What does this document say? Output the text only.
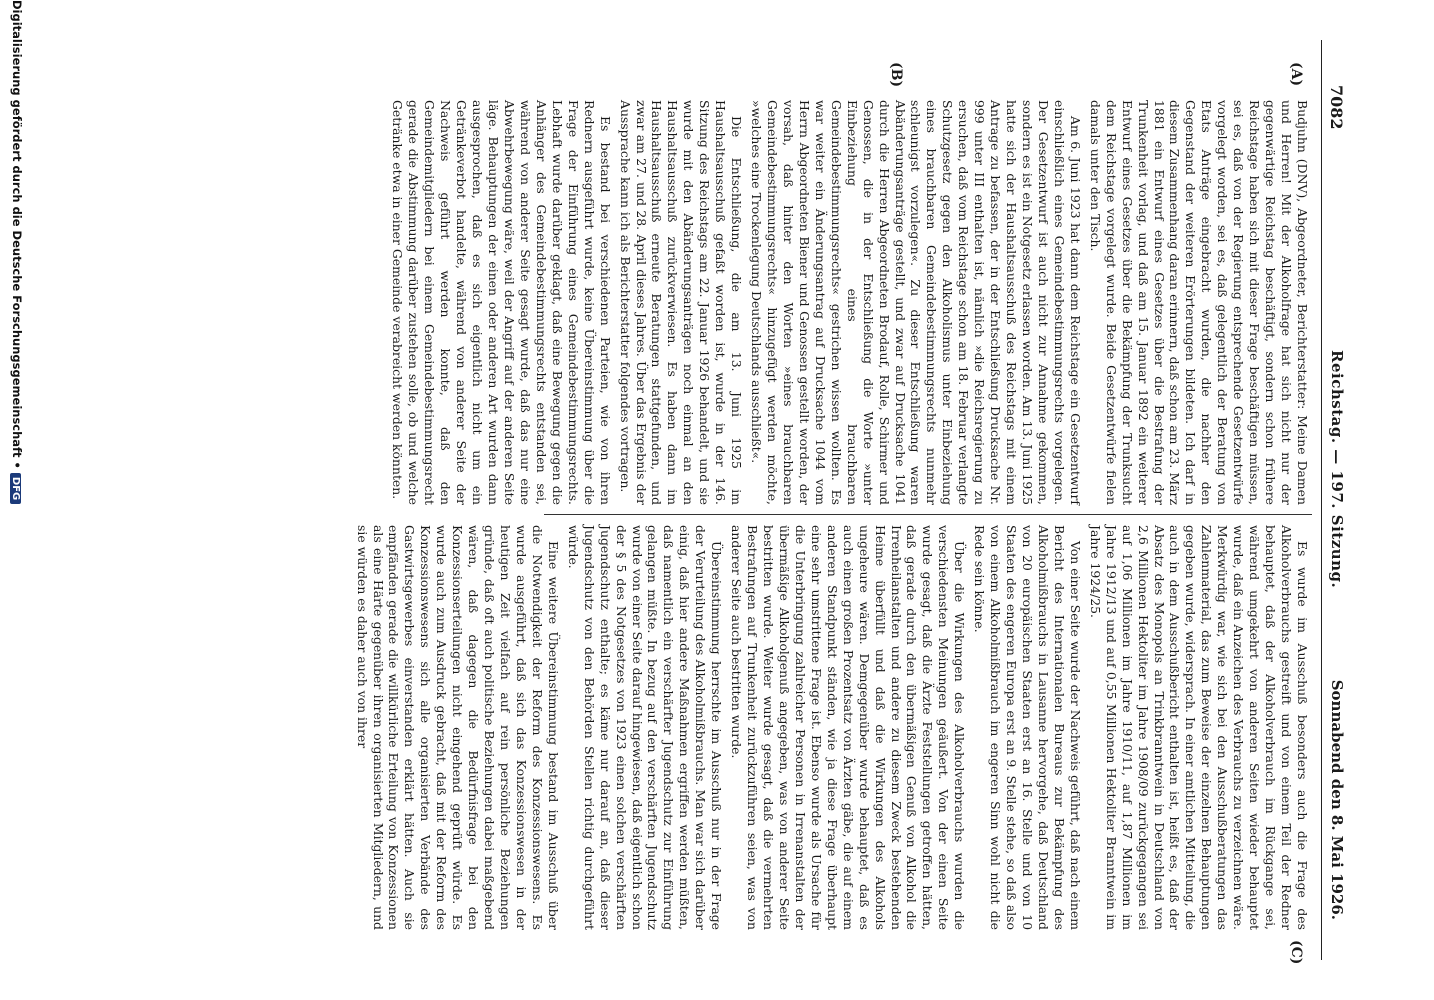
7082
Reichstag. — 197. Sitzung.
Sonnabend den 8. Mai 1926.
(A)
(B)
(C)

Budjuhn (DNV), Abgeordneter, Berichterstatter: Meine Damen und Herren! Mit der Alkoholfrage hat sich nicht nur der gegenwärtige Reichstag beschäftigt, sondern schon frühere Reichstage haben sich mit dieser Frage beschäftigen müssen, sei es, daß von der Regierung entsprechende Gesetzentwürfe vorgelegt worden, sei es, daß gelegentlich der Beratung von Etats Anträge eingebracht wurden, die nachher den Gegenstand der weiteren Erörterungen bildeten. Ich darf in diesem Zusammenhang daran erinnern, daß schon am 23. März 1881 ein Entwurf eines Gesetzes über die Bestrafung der Trunkenheit vorlag, und daß am 15. Januar 1892 ein weiterer Entwurf eines Gesetzes über die Bekämpfung der Trunksucht dem Reichstage vorgelegt wurde. Beide Gesetzentwürfe fielen damals unter den Tisch.

Am 6. Juni 1923 hat dann dem Reichstage ein Gesetzentwurf einschließlich eines Gemeindebestimmungsrechts vorgelegen. Der Gesetzentwurf ist auch nicht zur Annahme gekommen, sondern es ist ein Notgesetz erlassen worden. Am 13. Juni 1925 hatte sich der Haushaltsausschuß des Reichstags mit einem Antrage zu befassen, der in der Entschließung Drucksache Nr. 999 unter III enthalten ist, nämlich »die Reichsregierung zu ersuchen, daß vom Reichstage schon am 18. Februar verlangte Schutzgesetz gegen den Alkoholismus unter Einbeziehung eines brauchbaren Gemeindebestimmungsrechts nunmehr schleunigst vorzulegen«. Zu dieser Entschließung waren Abänderungsanträge gestellt, und zwar auf Drucksache 1041 durch die Herren Abgeordneten Brodauf, Rolle, Schirmer und Genossen, die in der Entschließung die Worte »unter Einbeziehung eines brauchbaren Gemeindebestimmungsrechts« gestrichen wissen wollten. Es war weiter ein Änderungsantrag auf Drucksache 1044 vom Herrn Abgeordneten Biener und Genossen gestellt worden, der vorsah, daß hinter den Worten »eines brauchbaren Gemeindebestimmungsrechts« hinzugefügt werden möchte, »welches eine Trockenlegung Deutschlands ausschließt«.

Die Entschließung, die am 13. Juni 1925 im Haushaltsausschuß gefaßt worden ist, wurde in der 146. Sitzung des Reichstags am 22. Januar 1926 behandelt, und sie wurde mit den Abänderungsanträgen noch einmal an den Haushaltsausschuß zurückverwiesen. Es haben dann im Haushaltsausschuß erneute Beratungen stattgefunden, und zwar am 27. und 28. April dieses Jahres. Über das Ergebnis der Aussprache kann ich als Berichterstatter folgendes vortragen.

Es bestand bei verschiedenen Parteien, wie von ihren Rednern ausgeführt wurde, keine Übereinstimmung über die Frage der Einführung eines Gemeindebestimmungsrechts. Lebhaft wurde darüber geklagt, daß eine Bewegung gegen die Anhänger des Gemeindebestimmungsrechts entstanden sei, während von anderer Seite gesagt wurde, daß das nur eine Abwehrbewegung wäre, weil der Angriff auf der anderen Seite läge. Behauptungen der einen oder anderen Art wurden dann ausgesprochen, daß es sich eigentlich nicht um ein Getränkeverbot handelte, während von anderer Seite der Nachweis geführt werden konnte, daß den Gemeindemitgliedern bei einem Gemeindebestimmungsrecht gerade die Abstimmung darüber zustehen solle, ob und welche Getränke etwa in einer Gemeinde verabreicht werden könnten.

Es wurde im Ausschuß besonders auch die Frage des Alkoholverbrauchs gestreift und von einem Teil der Redner behauptet, daß der Alkoholverbrauch im Rückgange sei, während umgekehrt von anderen Seiten wieder behauptet wurde, daß ein Anzeichen des Verbrauchs zu verzeichnen wäre. Merkwürdig war, wie sich bei den Ausschußberatungen das Zahlenmaterial, das zum Beweise der einzelnen Behauptungen gegeben wurde, widersprach. In einer amtlichen Mitteilung, die auch in dem Ausschußbericht enthalten ist, heißt es, daß der Absatz des Monopols an Trinkbranntwein in Deutschland von 2,6 Millionen Hektoliter im Jahre 1908/09 zurückgegangen sei auf 1,06 Millionen im Jahre 1910/11, auf 1,87 Millionen im Jahre 1912/13 und auf 0,55 Millionen Hektoliter Branntwein im Jahre 1924/25.

Von einer Seite wurde der Nachweis geführt, daß nach einem Bericht des Internationalen Bureaus zur Bekämpfung des Alkoholmißbrauchs in Lausanne hervorgehe, daß Deutschland von 20 europäischen Staaten erst an 16. Stelle und von 10 Staaten des engeren Europa erst an 9. Stelle stehe, so daß also von einem Alkoholmißbrauch im engeren Sinn wohl nicht die Rede sein könne.

Über die Wirkungen des Alkoholverbrauchs wurden die verschiedensten Meinungen geäußert. Von der einen Seite wurde gesagt, daß die Ärzte Feststellungen getroffen hätten, daß gerade durch den übermäßigen Genuß von Alkohol die Irrenheilanstalten und andere zu diesem Zweck bestehenden Heime überfüllt und daß die Wirkungen des Alkohols ungeheure wären. Demgegenüber wurde behauptet, daß es auch einen großen Prozentsatz von Ärzten gäbe, die auf einem anderen Standpunkt ständen, wie ja diese Frage überhaupt eine sehr umstrittene Frage ist. Ebenso wurde als Ursache für die Unterbringung zahlreicher Personen in Irrenanstalten der übermäßige Alkoholgenuß angegeben, was von anderer Seite bestritten wurde. Weiter wurde gesagt, daß die vermehrten Bestrafungen auf Trunkenheit zurückzuführen seien, was von anderer Seite auch bestritten wurde.

Übereinstimmung herrschte im Ausschuß nur in der Frage der Verurteilung des Alkoholmißbrauchs. Man war sich darüber einig, daß hier andere Maßnahmen ergriffen werden müßten, daß namentlich ein verschärfter Jugendschutz zur Einführung gelangen müßte. In bezug auf den verschärften Jugendschutz wurde von einer Seite darauf hingewiesen, daß eigentlich schon der § 5 des Notgesetzes von 1923 einen solchen verschärften Jugendschutz enthalte; es käme nur darauf an, daß dieser Jugendschutz von den Behörden Stellen richtig durchgeführt würde.

Eine weitere Übereinstimmung bestand im Ausschuß über die Notwendigkeit der Reform des Konzessionswesens. Es wurde ausgeführt, daß sich das Konzessionswesen in der heutigen Zeit vielfach auf rein persönliche Beziehungen gründe, daß oft auch politische Beziehungen dabei maßgebend wären, daß dagegen die Bedürfnisfrage bei den Konzessionserteilungen nicht eingehend geprüft würde. Es wurde auch zum Ausdruck gebracht, daß mit der Reform des Konzessionswesens sich alle organisierten Verbände des Gastwirtsgewerbes einverstanden erklärt hätten. Auch sie empfänden gerade die willkürliche Erteilung von Konzessionen als eine Härte gegenüber ihren organisierten Mitgliedern, und sie würden es daher auch von ihrer

Digitalisierung gefördert durch die Deutsche Forschungsgemeinschaft •DFG
